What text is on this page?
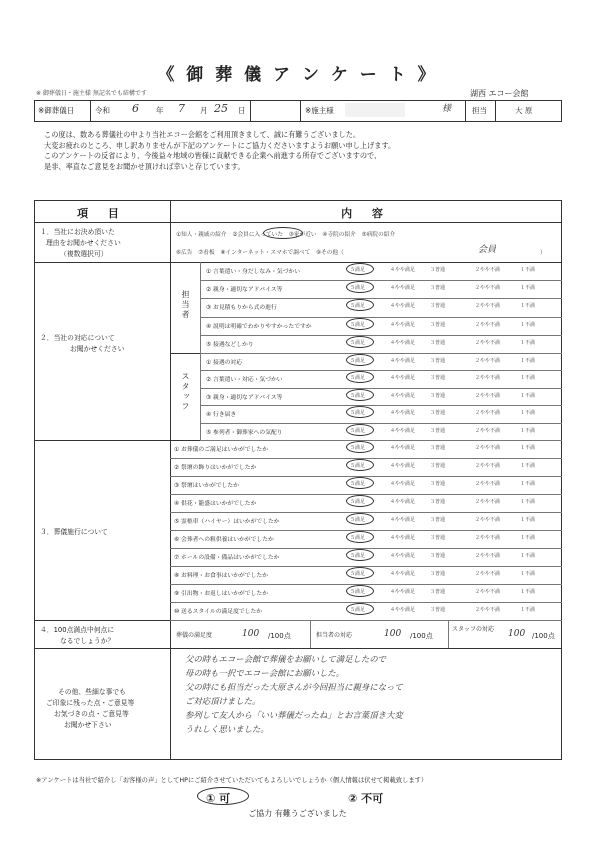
《 御 葬 儀 ア ン ケ ー ト 》
※ 御葬儀日・施主様 無記名でも結構です	湖西 エコー会館
※御葬儀日	令和 6 年 7 月 25 日	※施主様	様	担当	大 原

この度は、数ある葬儀社の中より当社エコー会館をご利用頂きまして、誠に有難うございました。

大変お疲れのところ、申し訳ありませんが下記のアンケートにご協力くださいますようお願い申し上げます。

このアンケートの反省により、今後益々地域の皆様に貢献できる企業へ前進する所存でございますので、

是非、率直なご意見をお聞かせ頂ければ幸いと存じています。

項 目	内 容
１．当社にお決め頂いた
理由をお聞かせください
（複数選択可）
①知人・親戚の紹介　②会員に入っていた　③家が近い　④寺院の紹介　⑤病院の紹介
⑥広告　⑦看板　⑧インターネット・スマホで調べて　⑨その他（	会員	）
２．当社の対応について
お聞かせください
担当者
スタッフ
① 言葉遣い・身だしなみ・気づかい	５満足	４やや満足	３普通	２やや不満	１不満
② 親身・適切なアドバイス等	５満足	４やや満足	３普通	２やや不満	１不満
③ お見積もりから式の進行	５満足	４やや満足	３普通	２やや不満	１不満
④ 説明は明確でわかりやすかったですか	５満足	４やや満足	３普通	２やや不満	１不満
⑤ 接遇などしかり	５満足	４やや満足	３普通	２やや不満	１不満
① 接遇の対応	５満足	４やや満足	３普通	２やや不満	１不満
② 言葉遣い・対応・気づかい	５満足	４やや満足	３普通	２やや不満	１不満
③ 親身・適切なアドバイス等	５満足	４やや満足	３普通	２やや不満	１不満
④ 行き届き	５満足	４やや満足	３普通	２やや不満	１不満
⑤ 参列者・御葬家への気配り	５満足	４やや満足	３普通	２やや不満	１不満
３．葬儀施行について
① お葬儀のご満足はいかがでしたか	５満足	４やや満足	３普通	２やや不満	１不満
② 祭壇の飾りはいかがでしたか	５満足	４やや満足	３普通	２やや不満	１不満
③ 祭壇はいかがでしたか	５満足	４やや満足	３普通	２やや不満	１不満
④ 供花・籠盛はいかがでしたか	５満足	４やや満足	３普通	２やや不満	１不満
⑤ 霊柩車（ハイヤー）はいかがでしたか	５満足	４やや満足	３普通	２やや不満	１不満
⑥ 会葬者への粗供養はいかがでしたか	５満足	４やや満足	３普通	２やや不満	１不満
⑦ ホールの設備・備品はいかがでしたか	５満足	４やや満足	３普通	２やや不満	１不満
⑧ お料理・お食事はいかがでしたか	５満足	４やや満足	３普通	２やや不満	１不満
⑨ 引出物・お返しはいかがでしたか	５満足	４やや満足	３普通	２やや不満	１不満
⑩ 送るスタイルの満足度でしたか	５満足	４やや満足	３普通	２やや不満	１不満
４．100点満点中何点に
なるでしょうか？
葬儀の満足度	100 /100点	担当者の対応	100 /100点
スタッフの対応 100 /100点
その他、些細な事でも
ご印象に残った点・ご意見等
お気づきの点・ご意見等
お聞かせ下さい
父の時もエコー会館で葬儀をお願いして満足したので
母の時も一択でエコー会館にお願いした。
父の時にも担当だった大原さんが今回担当に親身になって
ご対応頂けました。
参列して友人から「いい葬儀だったね」とお言葉頂き大変
うれしく思いました。
※アンケートは当社で紹介し「お客様の声」としてHPにご紹介させていただいてもよろしいでしょうか（個人情報は伏せて掲載致します）
① 可	② 不可
ご協力 有難うございました
